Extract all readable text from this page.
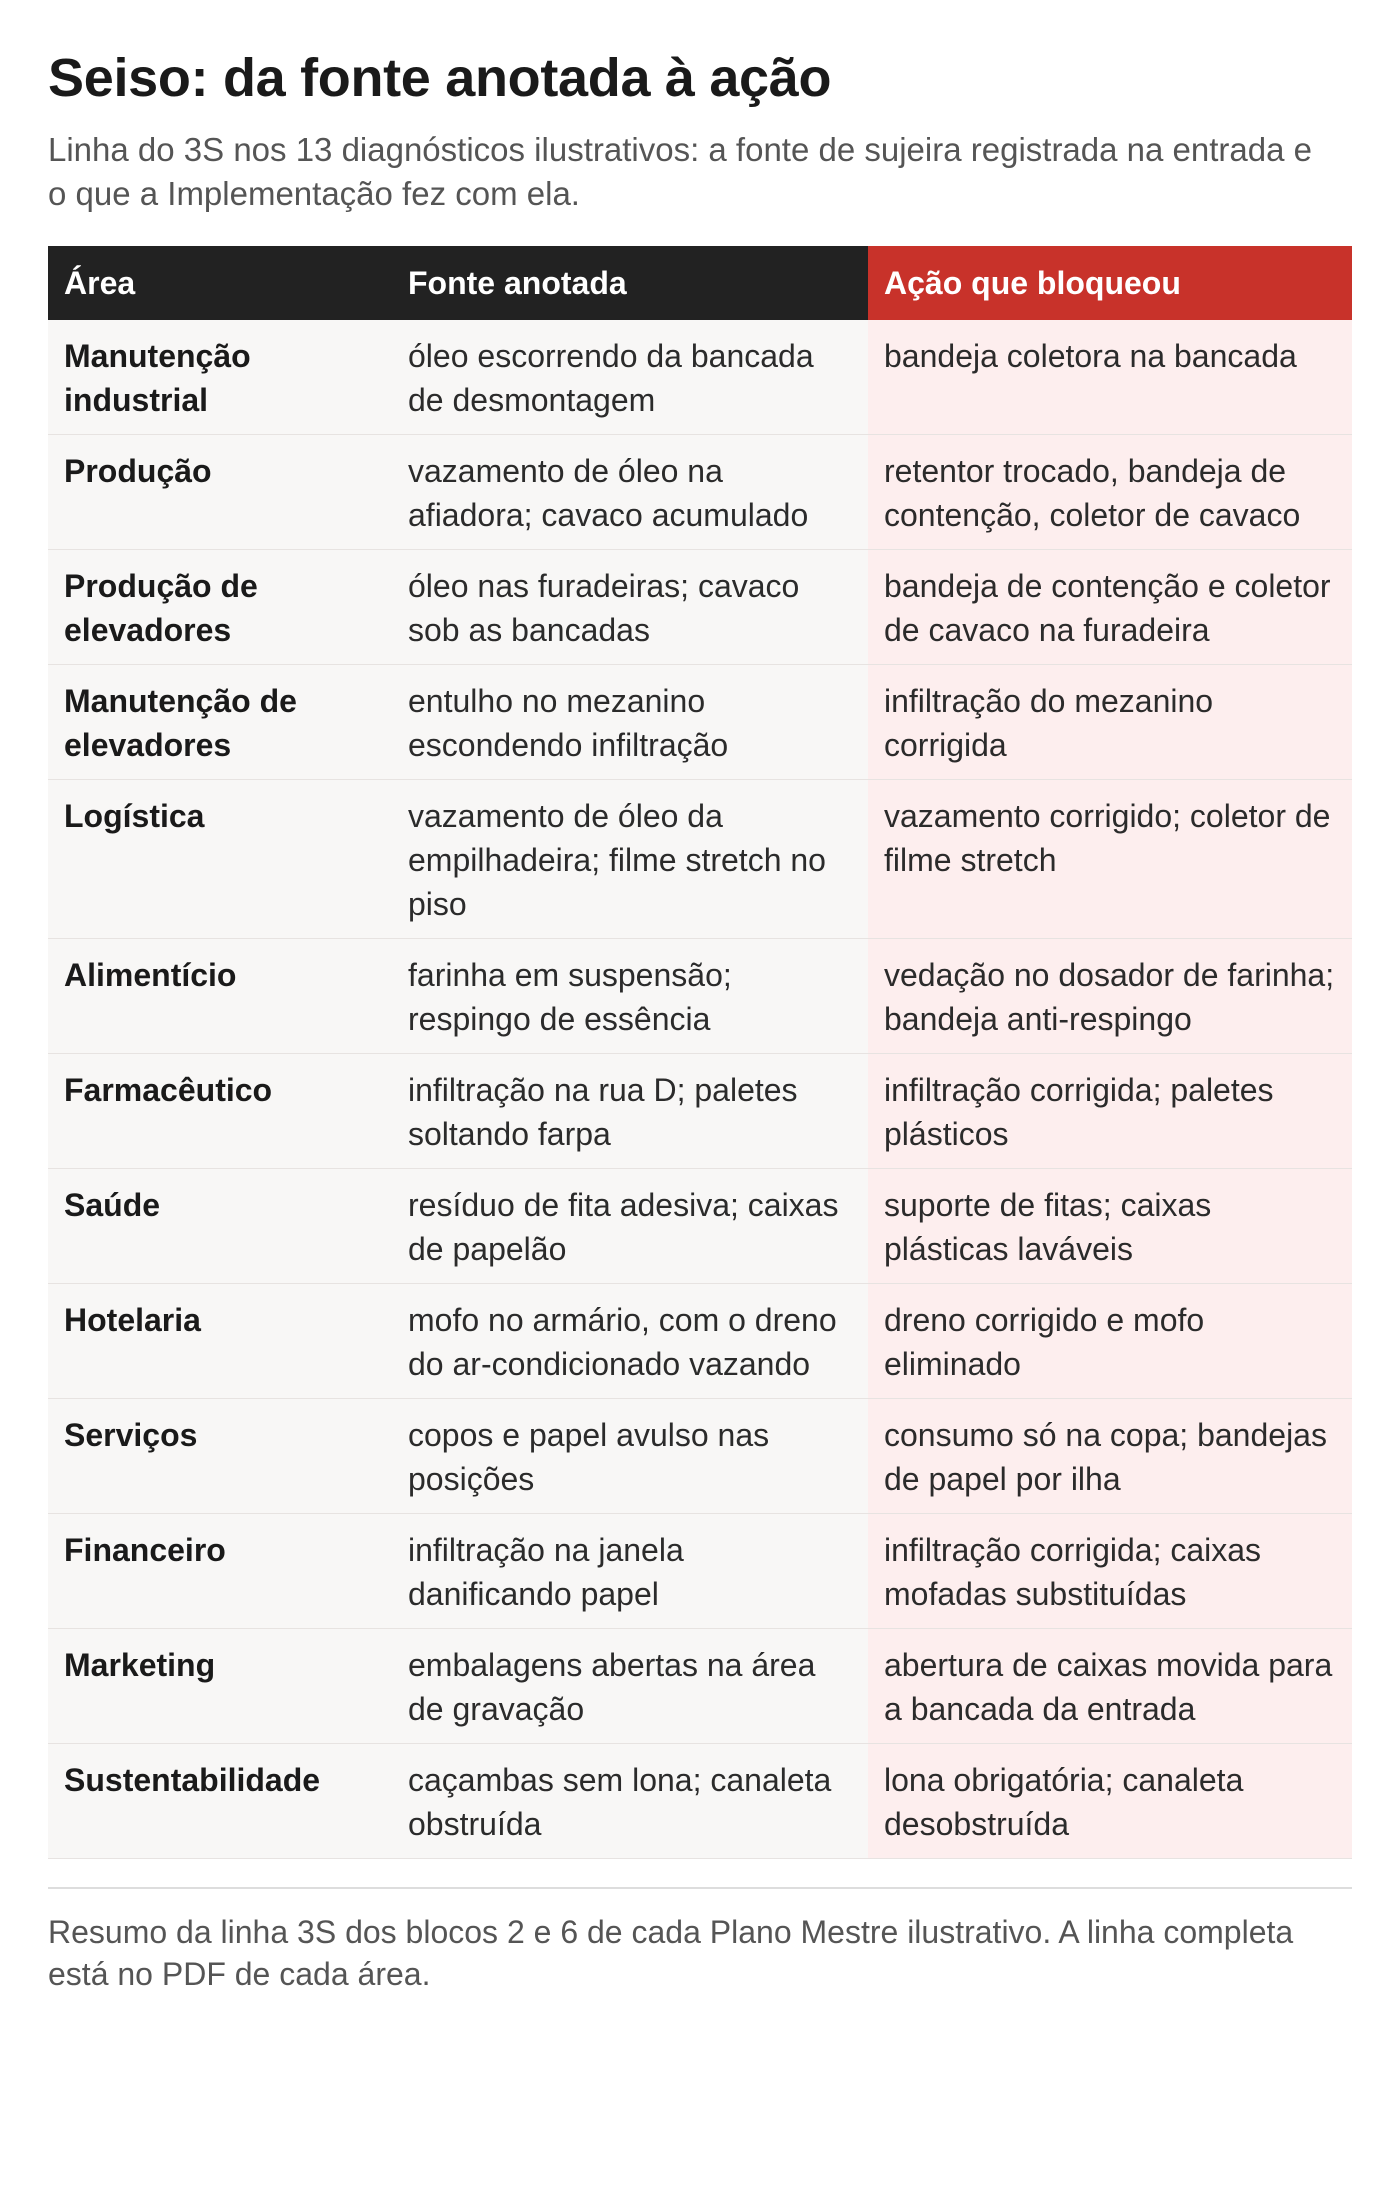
Seiso: da fonte anotada à ação

Linha do 3S nos 13 diagnósticos ilustrativos: a fonte de sujeira registrada na entrada e o que a Implementação fez com ela.

Área	Fonte anotada	Ação que bloqueou
Manutenção industrial	óleo escorrendo da bancada de desmontagem	bandeja coletora na bancada
Produção	vazamento de óleo na afiadora; cavaco acumulado	retentor trocado, bandeja de contenção, coletor de cavaco
Produção de elevadores	óleo nas furadeiras; cavaco sob as bancadas	bandeja de contenção e coletor de cavaco na furadeira
Manutenção de elevadores	entulho no mezanino escondendo infiltração	infiltração do mezanino corrigida
Logística	vazamento de óleo da empilhadeira; filme stretch no piso	vazamento corrigido; coletor de filme stretch
Alimentício	farinha em suspensão; respingo de essência	vedação no dosador de farinha; bandeja anti-respingo
Farmacêutico	infiltração na rua D; paletes soltando farpa	infiltração corrigida; paletes plásticos
Saúde	resíduo de fita adesiva; caixas de papelão	suporte de fitas; caixas plásticas laváveis
Hotelaria	mofo no armário, com o dreno do ar-condicionado vazando	dreno corrigido e mofo eliminado
Serviços	copos e papel avulso nas posições	consumo só na copa; bandejas de papel por ilha
Financeiro	infiltração na janela danificando papel	infiltração corrigida; caixas mofadas substituídas
Marketing	embalagens abertas na área de gravação	abertura de caixas movida para a bancada da entrada
Sustentabilidade	caçambas sem lona; canaleta obstruída	lona obrigatória; canaleta desobstruída

Resumo da linha 3S dos blocos 2 e 6 de cada Plano Mestre ilustrativo. A linha completa está no PDF de cada área.
